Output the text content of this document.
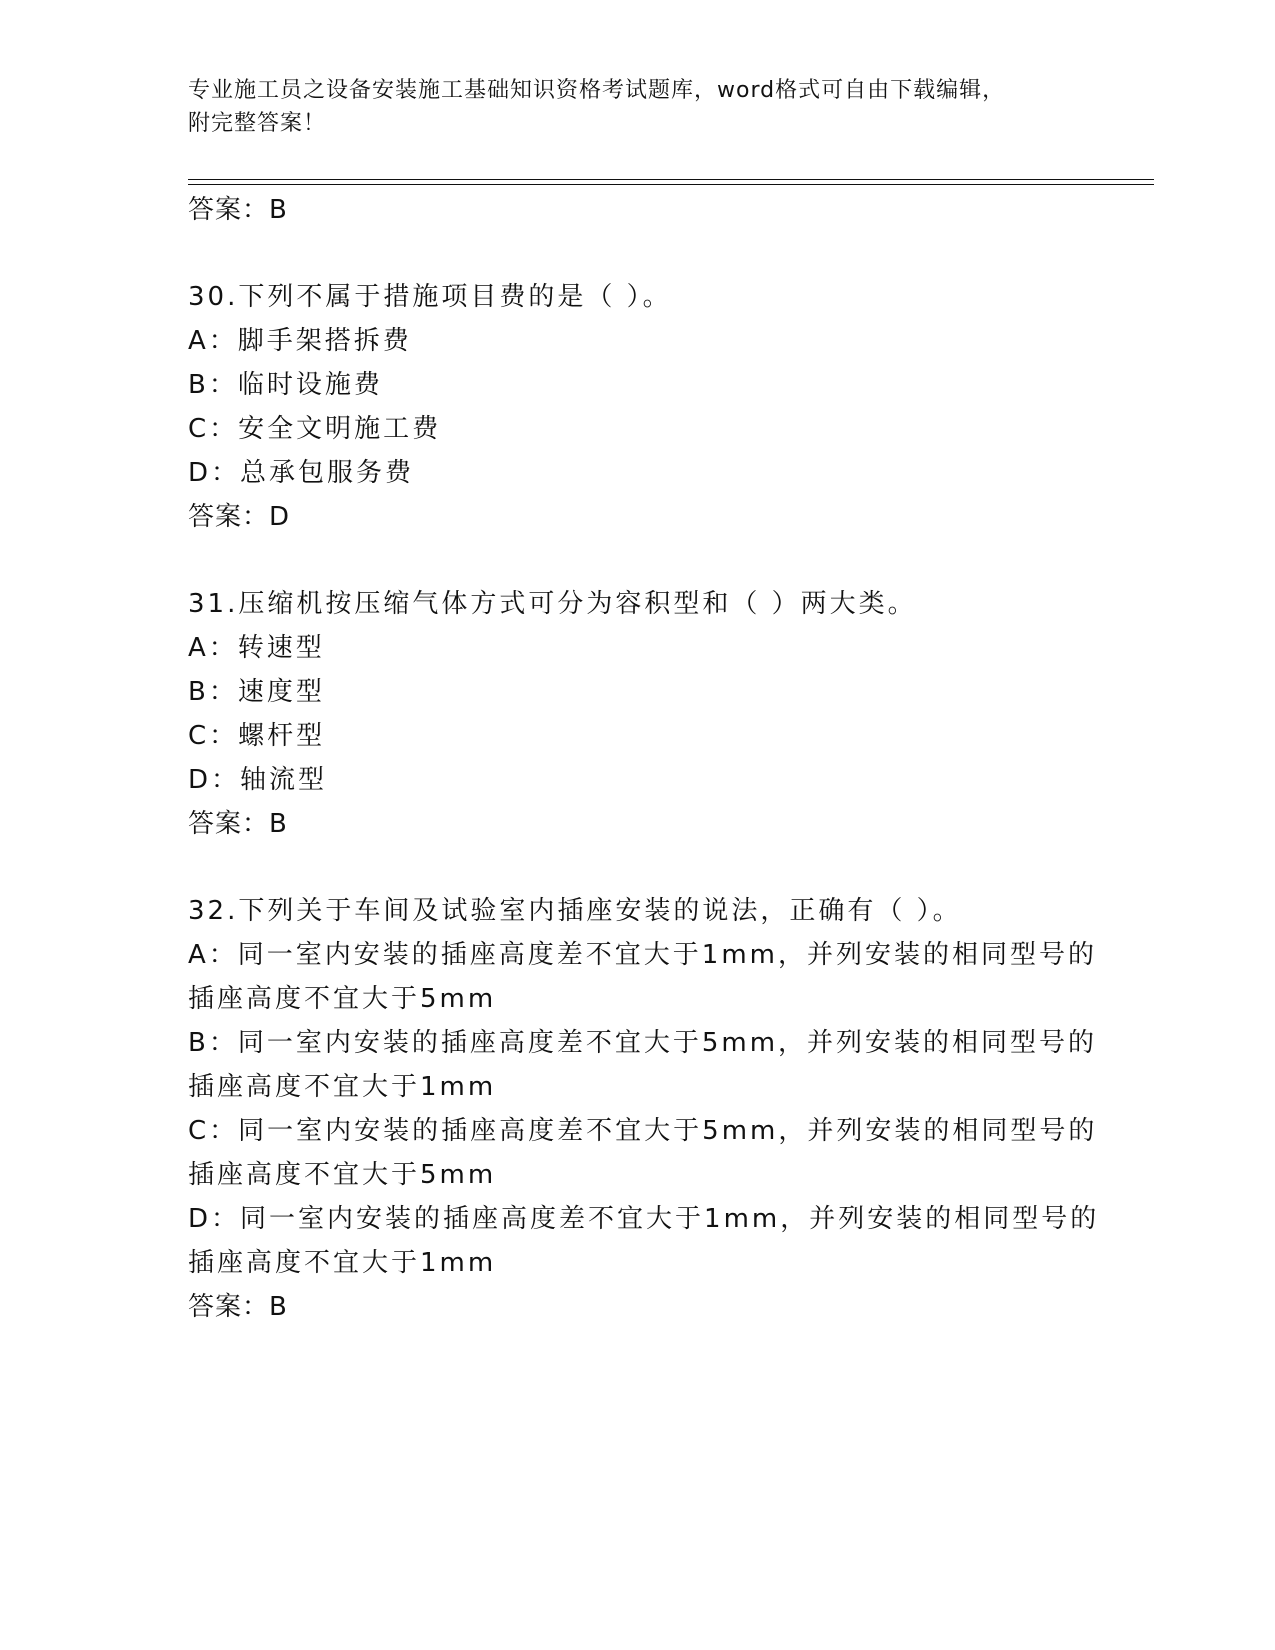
专业施工员之设备安装施工基础知识资格考试题库，word格式可自由下载编辑，
附完整答案！
答案：B
30.下列不属于措施项目费的是（ ）。
A：脚手架搭拆费
B：临时设施费
C：安全文明施工费
D：总承包服务费
答案：D
31.压缩机按压缩气体方式可分为容积型和（ ）两大类。
A：转速型
B：速度型
C：螺杆型
D：轴流型
答案：B
32.下列关于车间及试验室内插座安装的说法，正确有（ ）。
A：同一室内安装的插座高度差不宜大于1mm，并列安装的相同型号的
插座高度不宜大于5mm
B：同一室内安装的插座高度差不宜大于5mm，并列安装的相同型号的
插座高度不宜大于1mm
C：同一室内安装的插座高度差不宜大于5mm，并列安装的相同型号的
插座高度不宜大于5mm
D：同一室内安装的插座高度差不宜大于1mm，并列安装的相同型号的
插座高度不宜大于1mm
答案：B
